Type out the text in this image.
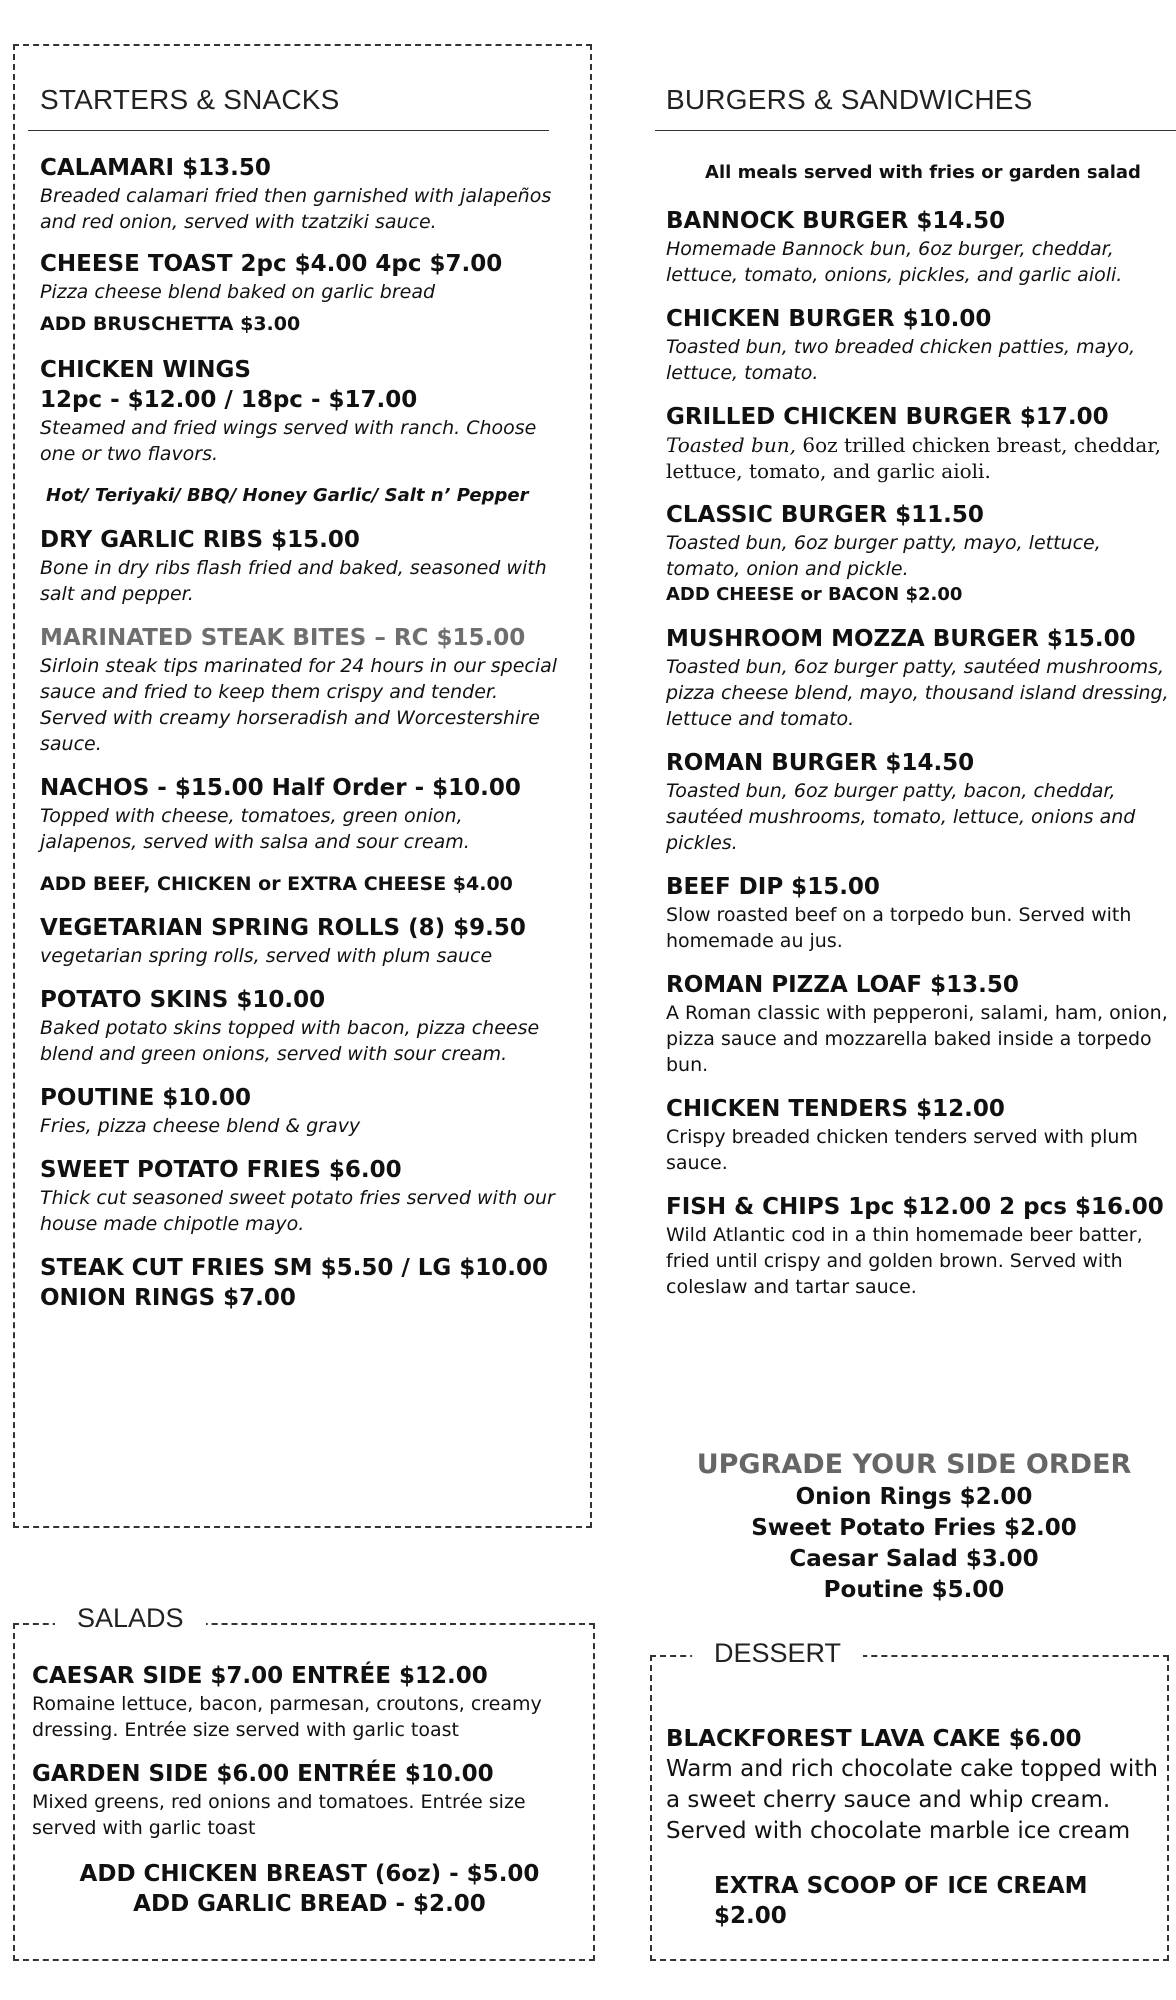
STARTERS & SNACKS
CALAMARI $13.50
Breaded calamari fried then garnished with jalapeños and red onion, served with tzatziki sauce.
CHEESE TOAST 2pc $4.00 4pc $7.00
Pizza cheese blend baked on garlic bread
ADD BRUSCHETTA $3.00
CHICKEN WINGS
12pc - $12.00 / 18pc - $17.00
Steamed and fried wings served with ranch. Choose one or two flavors.
Hot/ Teriyaki/ BBQ/ Honey Garlic/ Salt n’ Pepper
DRY GARLIC RIBS $15.00
Bone in dry ribs flash fried and baked, seasoned with salt and pepper.
MARINATED STEAK BITES – RC $15.00
Sirloin steak tips marinated for 24 hours in our special sauce and fried to keep them crispy and tender. Served with creamy horseradish and Worcestershire sauce.
NACHOS - $15.00 Half Order - $10.00
Topped with cheese, tomatoes, green onion, jalapenos, served with salsa and sour cream.
ADD BEEF, CHICKEN or EXTRA CHEESE $4.00
VEGETARIAN SPRING ROLLS (8) $9.50
vegetarian spring rolls, served with plum sauce
POTATO SKINS $10.00
Baked potato skins topped with bacon, pizza cheese blend and green onions, served with sour cream.
POUTINE $10.00
Fries, pizza cheese blend & gravy
SWEET POTATO FRIES $6.00
Thick cut seasoned sweet potato fries served with our house made chipotle mayo.
STEAK CUT FRIES SM $5.50 / LG $10.00
ONION RINGS $7.00
BURGERS & SANDWICHES
All meals served with fries or garden salad
BANNOCK BURGER $14.50
Homemade Bannock bun, 6oz burger, cheddar, lettuce, tomato, onions, pickles, and garlic aioli.
CHICKEN BURGER $10.00
Toasted bun, two breaded chicken patties, mayo, lettuce, tomato.
GRILLED CHICKEN BURGER $17.00
Toasted bun, 6oz trilled chicken breast, cheddar, lettuce, tomato, and garlic aioli.
CLASSIC BURGER $11.50
Toasted bun, 6oz burger patty, mayo, lettuce, tomato, onion and pickle.
ADD CHEESE or BACON $2.00
MUSHROOM MOZZA BURGER $15.00
Toasted bun, 6oz burger patty, sautéed mushrooms, pizza cheese blend, mayo, thousand island dressing, lettuce and tomato.
ROMAN BURGER $14.50
Toasted bun, 6oz burger patty, bacon, cheddar, sautéed mushrooms, tomato, lettuce, onions and pickles.
BEEF DIP $15.00
Slow roasted beef on a torpedo bun. Served with homemade au jus.
ROMAN PIZZA LOAF $13.50
A Roman classic with pepperoni, salami, ham, onion, pizza sauce and mozzarella baked inside a torpedo bun.
CHICKEN TENDERS $12.00
Crispy breaded chicken tenders served with plum sauce.
FISH & CHIPS 1pc $12.00 2 pcs $16.00
Wild Atlantic cod in a thin homemade beer batter, fried until crispy and golden brown. Served with coleslaw and tartar sauce.
UPGRADE YOUR SIDE ORDER
Onion Rings $2.00
Sweet Potato Fries $2.00
Caesar Salad $3.00
Poutine $5.00
SALADS
CAESAR SIDE $7.00 ENTRÉE $12.00
Romaine lettuce, bacon, parmesan, croutons, creamy dressing. Entrée size served with garlic toast
GARDEN SIDE $6.00 ENTRÉE $10.00
Mixed greens, red onions and tomatoes. Entrée size served with garlic toast
ADD CHICKEN BREAST (6oz) - $5.00
ADD GARLIC BREAD - $2.00
DESSERT
BLACKFOREST LAVA CAKE $6.00
Warm and rich chocolate cake topped with a sweet cherry sauce and whip cream. Served with chocolate marble ice cream
EXTRA SCOOP OF ICE CREAM $2.00
